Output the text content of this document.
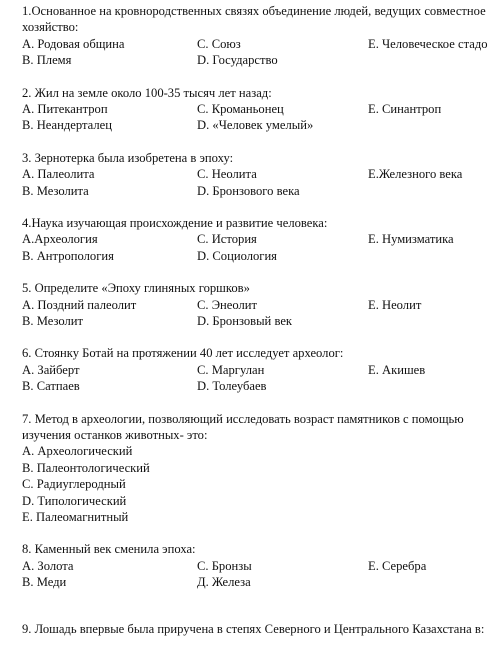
1.Основанное на кровнородственных связях объединение людей, ведущих совместное хозяйство:
A. Родовая община	C. Союз	E. Человеческое стадо
B. Племя	D. Государство
2. Жил на земле около 100-35 тысяч лет назад:
A. Питекантроп	C. Кроманьонец	E. Синантроп
B. Неандерталец	D. «Человек умелый»
3. Зернотерка была изобретена в эпоху:
A. Палеолита	C. Неолита	E.Железного века
B. Мезолита	D. Бронзового века
4.Наука изучающая происхождение и развитие человека:
A.Археология	C. История	E. Нумизматика
B. Антропология	D. Социология
5. Определите «Эпоху глиняных горшков»
A. Поздний палеолит	C. Энеолит	E. Неолит
B. Мезолит	D. Бронзовый век
6. Стоянку Ботай на протяжении 40 лет исследует археолог:
A. Зайберт	C. Маргулан	E. Акишев
B. Сатпаев	D. Толеубаев
7. Метод в археологии, позволяющий исследовать возраст памятников с помощью изучения останков животных- это:
A. Археологический
B. Палеонтологический
C. Радиуглеродный
D. Типологический
E. Палеомагнитный
8. Каменный век сменила эпоха:
A. Золота	C. Бронзы	E. Серебра
B. Меди	Д. Железа
9. Лошадь впервые была приручена в степях Северного и Центрального Казахстана в:
